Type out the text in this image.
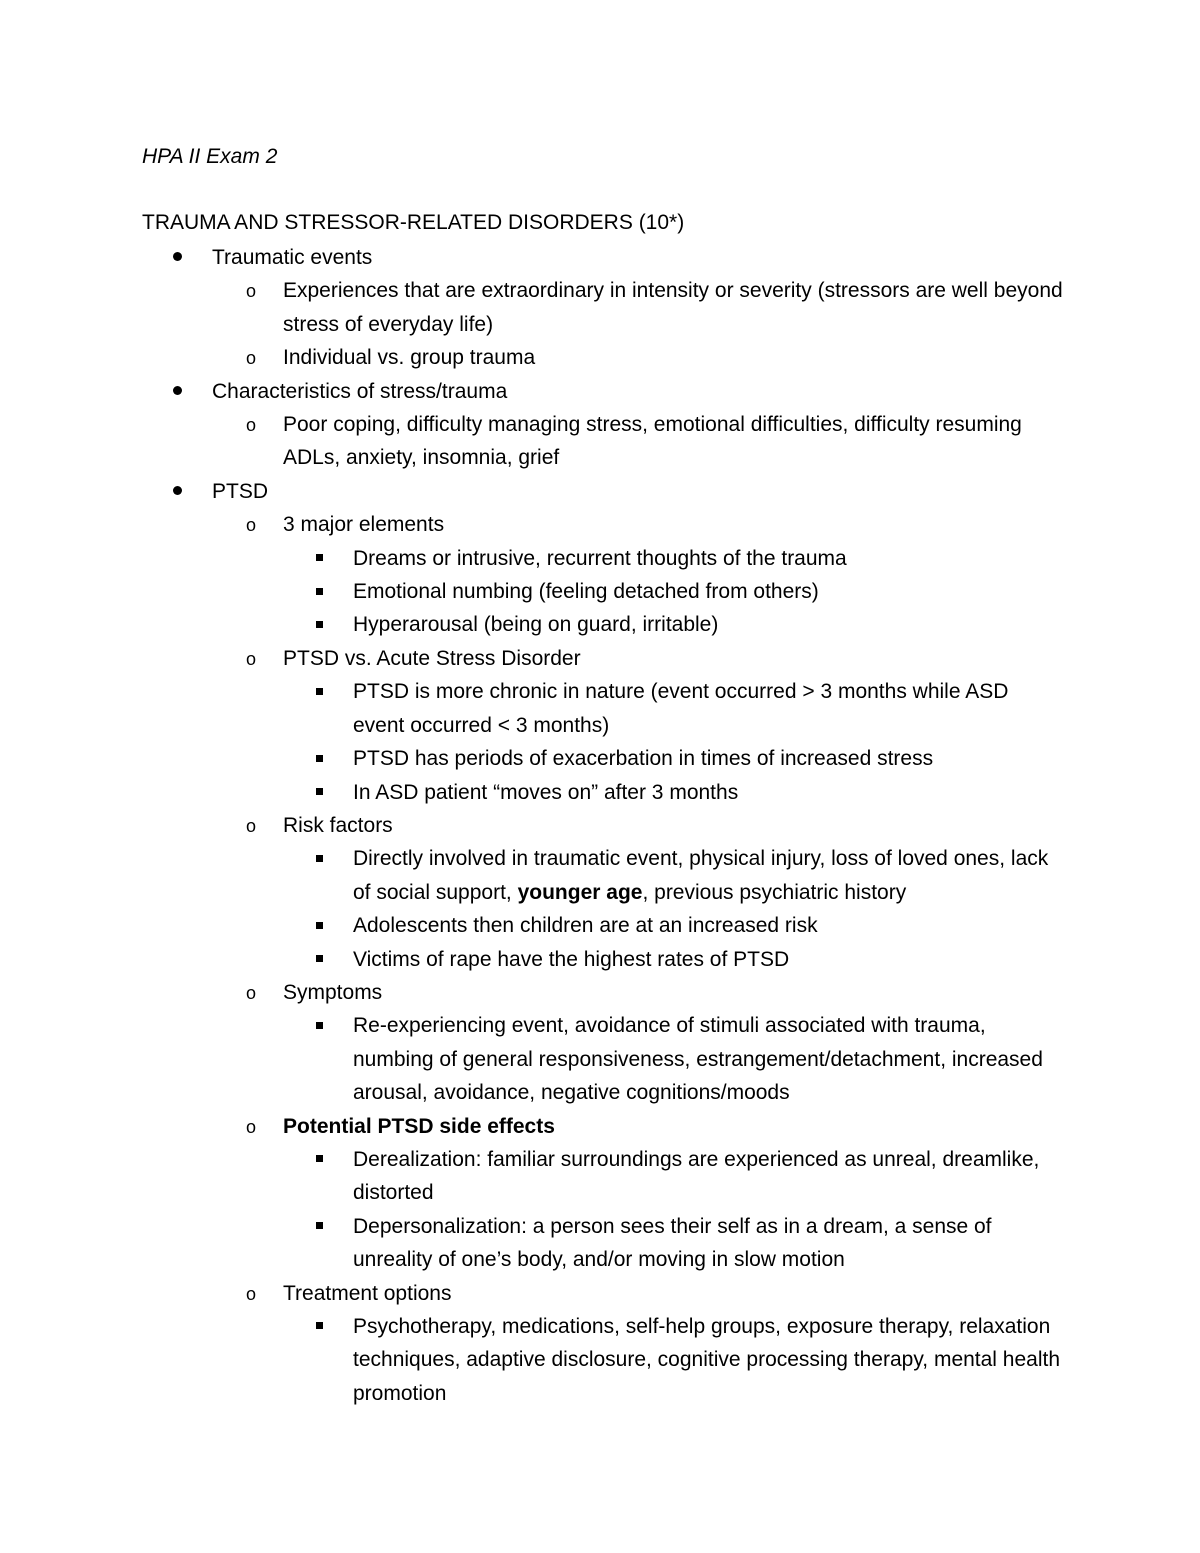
HPA II Exam 2
TRAUMA AND STRESSOR-RELATED DISORDERS (10*)
Traumatic events
o Experiences that are extraordinary in intensity or severity (stressors are well beyond stress of everyday life)
o Individual vs. group trauma
Characteristics of stress/trauma
o Poor coping, difficulty managing stress, emotional difficulties, difficulty resuming ADLs, anxiety, insomnia, grief
PTSD
o 3 major elements
Dreams or intrusive, recurrent thoughts of the trauma
Emotional numbing (feeling detached from others)
Hyperarousal (being on guard, irritable)
o PTSD vs. Acute Stress Disorder
PTSD is more chronic in nature (event occurred > 3 months while ASD event occurred < 3 months)
PTSD has periods of exacerbation in times of increased stress
In ASD patient “moves on” after 3 months
o Risk factors
Directly involved in traumatic event, physical injury, loss of loved ones, lack of social support, younger age, previous psychiatric history
Adolescents then children are at an increased risk
Victims of rape have the highest rates of PTSD
o Symptoms
Re-experiencing event, avoidance of stimuli associated with trauma, numbing of general responsiveness, estrangement/detachment, increased arousal, avoidance, negative cognitions/moods
o Potential PTSD side effects
Derealization: familiar surroundings are experienced as unreal, dreamlike, distorted
Depersonalization: a person sees their self as in a dream, a sense of unreality of one’s body, and/or moving in slow motion
o Treatment options
Psychotherapy, medications, self-help groups, exposure therapy, relaxation techniques, adaptive disclosure, cognitive processing therapy, mental health promotion
